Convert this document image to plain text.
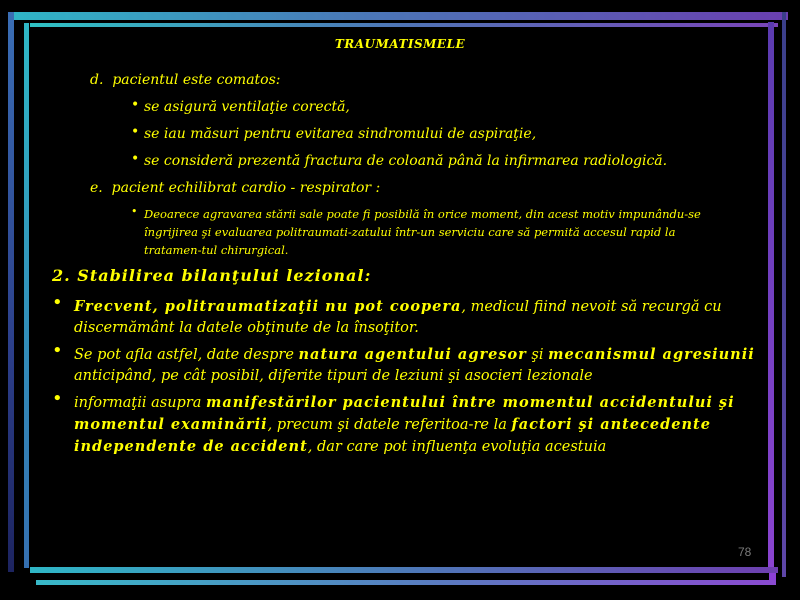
TRAUMATISMELE
d. pacientul este comatos:
• se asigură ventilaţie corectă,
• se iau măsuri pentru evitarea sindromului de aspiraţie,
• se consideră prezentă fractura de coloană până la infirmarea radiologică.
e. pacient echilibrat cardio - respirator :
• Deoarece agravarea stării sale poate fi posibilă în orice moment, din acest motiv impunându-se îngrijirea şi evaluarea politraumati-zatului într-un serviciu care să permită accesul rapid la tratamen-tul chirurgical.
2. Stabilirea bilanţului lezional:
• Frecvent, politraumatizaţii nu pot coopera, medicul fiind nevoit să recurgă cu discernământ la datele obţinute de la însoţitor.
• Se pot afla astfel, date despre natura agentului agresor şi mecanismul agresiunii anticipând, pe cât posibil, diferite tipuri de leziuni şi asocieri lezionale
• informaţii asupra manifestărilor pacientului între momentul accidentului şi momentul examinării, precum şi datele referitoa-re la factori şi antecedente independente de accident, dar care pot influenţa evoluţia acestuia
78
